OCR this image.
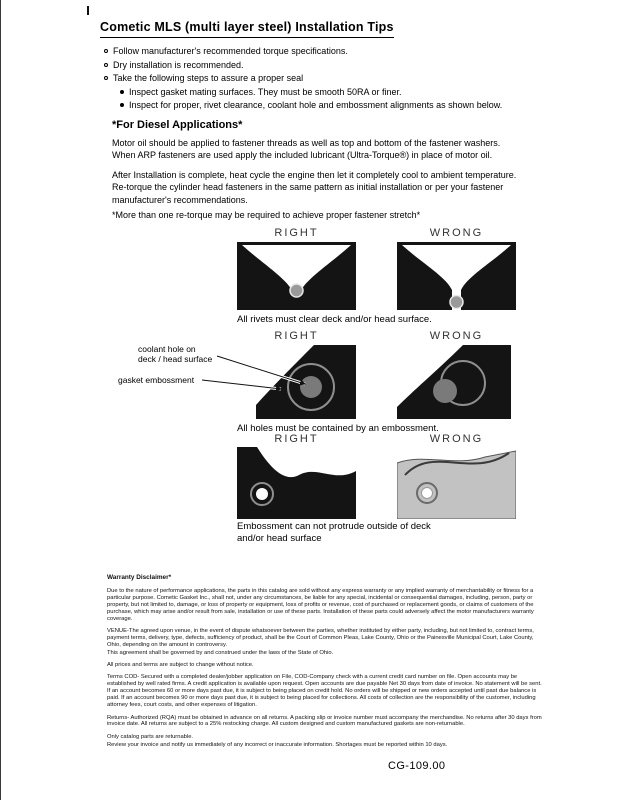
Cometic MLS (multi layer steel) Installation Tips
Follow manufacturer's recommended torque specifications.
Dry installation is recommended.
Take the following steps to assure a proper seal
Inspect gasket mating surfaces. They must be smooth 50RA or finer.
Inspect for proper, rivet clearance, coolant hole and embossment alignments as shown below.
*For Diesel Applications*

Motor oil should be applied to fastener threads as well as top and bottom of the fastener washers. When ARP fasteners are used apply the included lubricant (Ultra-Torque®) in place of motor oil.

After Installation is complete, heat cycle the engine then let it completely cool to ambient temperature. Re-torque the cylinder head fasteners in the same pattern as initial installation or per your fastener manufacturer's recommendations.

*More than one re-torque may be required to achieve proper fastener stretch*
RIGHT	WRONG
All rivets must clear deck and/or head surface.
RIGHT	WRONG
coolant hole on
deck / head surface
gasket embossment
All holes must be contained by an embossment.
RIGHT	WRONG
Embossment can not protrude outside of deck and/or head surface
Warranty Disclaimer*

Due to the nature of performance applications, the parts in this catalog are sold without any express warranty or any implied warranty of merchantability or fitness for a particular purpose. Cometic Gasket Inc., shall not, under any circumstances, be liable for any special, incidental or consequential damages, including, person, party or property, but not limited to, damage, or loss of property or equipment, loss of profits or revenue, cost of purchased or replacement goods, or claims of customers of the purchase, which may arise and/or result from sale, installation or use of these parts. Installation of these parts could adversely affect the motor manufacturers warranty coverage.

VENUE-The agreed upon venue, in the event of dispute whatsoever between the parties, whether instituted by either party, including, but not limited to, contract terms, payment terms, delivery, type, defects, sufficiency of product, shall be the Court of Common Pleas, Lake County, Ohio or the Painesville Municipal Court, Lake County, Ohio, depending on the amount in controversy.

This agreement shall be governed by and construed under the laws of the State of Ohio.

All prices and terms are subject to change without notice.

Terms COD- Secured with a completed dealer/jobber application on File, COD-Company check with a current credit card number on file. Open accounts may be established by well rated firms. A credit application is available upon request. Open accounts are due payable Net 30 days from date of invoice. No statement will be sent. If an account becomes 60 or more days past due, it is subject to being placed on credit hold. No orders will be shipped or new orders accepted until past due balance is paid. If an account becomes 90 or more days past due, it is subject to being placed for collections. All costs of collection are the responsibility of the customer, including attorney fees, court costs, and other expenses of litigation.

Returns- Authorized (RQA) must be obtained in advance on all returns. A packing slip or invoice number must accompany the merchandise. No returns after 30 days from invoice date. All returns are subject to a 25% restocking charge. All custom designed and custom manufactured gaskets are non-returnable.

Only catalog parts are returnable.

Review your invoice and notify us immediately of any incorrect or inaccurate information. Shortages must be reported within 10 days.

CG-109.00
